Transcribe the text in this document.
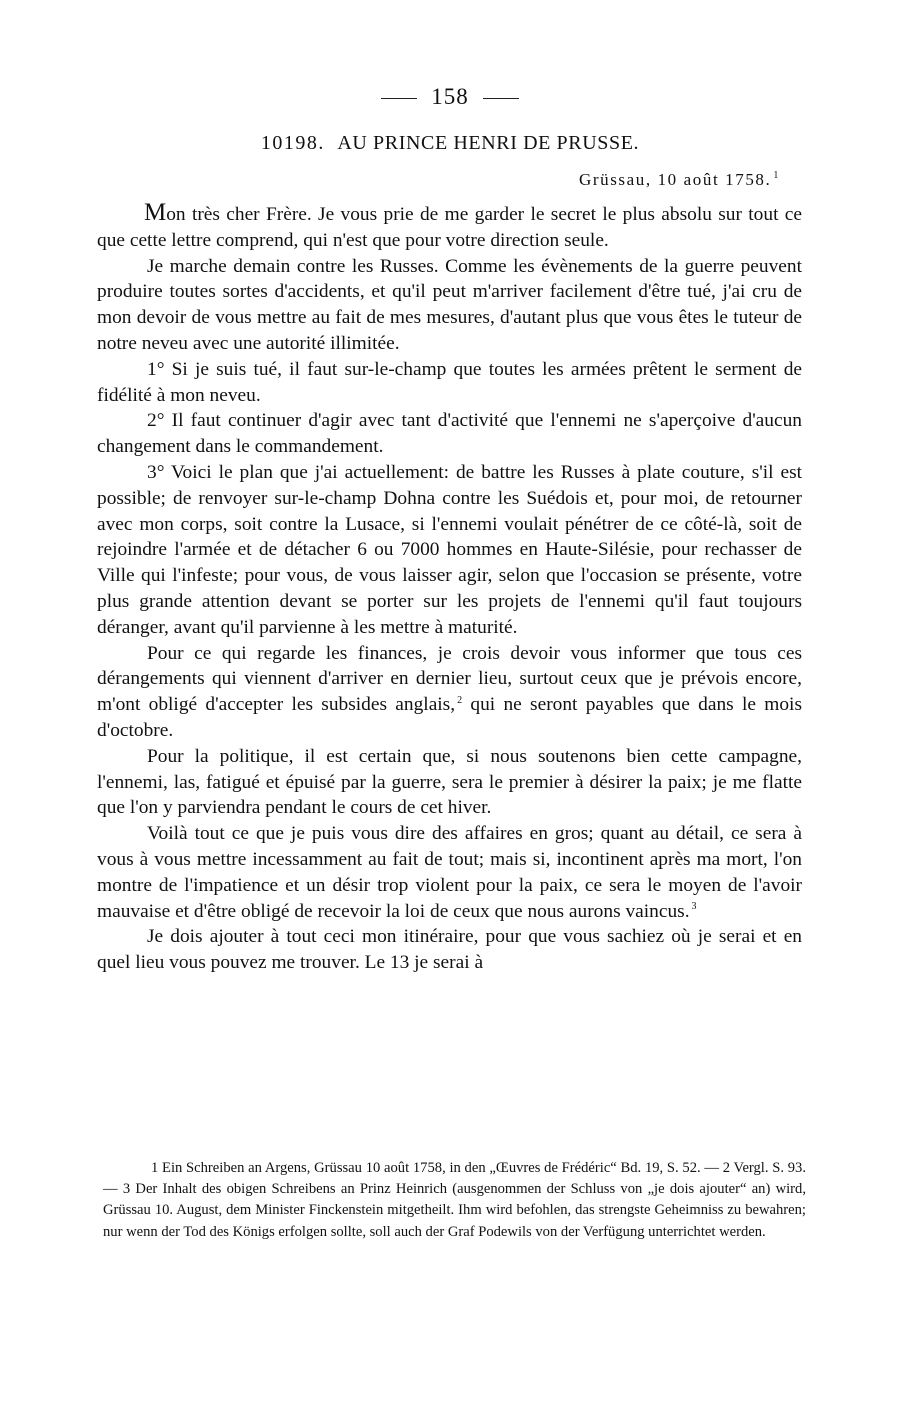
158
10198. AU PRINCE HENRI DE PRUSSE.
Grüssau, 10 août 1758. $^1$

Mon très cher Frère. Je vous prie de me garder le secret le plus absolu sur tout ce que cette lettre comprend, qui n'est que pour votre direction seule.

Je marche demain contre les Russes. Comme les évènements de la guerre peuvent produire toutes sortes d'accidents, et qu'il peut m'arriver facilement d'être tué, j'ai cru de mon devoir de vous mettre au fait de mes mesures, d'autant plus que vous êtes le tuteur de notre neveu avec une autorité illimitée.

1° Si je suis tué, il faut sur-le-champ que toutes les armées prêtent le serment de fidélité à mon neveu.

2° Il faut continuer d'agir avec tant d'activité que l'ennemi ne s'aperçoive d'aucun changement dans le commandement.

3° Voici le plan que j'ai actuellement: de battre les Russes à plate couture, s'il est possible; de renvoyer sur-le-champ Dohna contre les Suédois et, pour moi, de retourner avec mon corps, soit contre la Lusace, si l'ennemi voulait pénétrer de ce côté-là, soit de rejoindre l'armée et de détacher 6 ou 7000 hommes en Haute-Silésie, pour rechasser de Ville qui l'infeste; pour vous, de vous laisser agir, selon que l'occasion se présente, votre plus grande attention devant se porter sur les projets de l'ennemi qu'il faut toujours déranger, avant qu'il parvienne à les mettre à maturité.

Pour ce qui regarde les finances, je crois devoir vous informer que tous ces dérangements qui viennent d'arriver en dernier lieu, surtout ceux que je prévois encore, m'ont obligé d'accepter les subsides anglais, $^2$ qui ne seront payables que dans le mois d'octobre.

Pour la politique, il est certain que, si nous soutenons bien cette campagne, l'ennemi, las, fatigué et épuisé par la guerre, sera le premier à désirer la paix; je me flatte que l'on y parviendra pendant le cours de cet hiver.

Voilà tout ce que je puis vous dire des affaires en gros; quant au détail, ce sera à vous à vous mettre incessamment au fait de tout; mais si, incontinent après ma mort, l'on montre de l'impatience et un désir trop violent pour la paix, ce sera le moyen de l'avoir mauvaise et d'être obligé de recevoir la loi de ceux que nous aurons vaincus. $^3$

Je dois ajouter à tout ceci mon itinéraire, pour que vous sachiez où je serai et en quel lieu vous pouvez me trouver. Le 13 je serai à

1 Ein Schreiben an Argens, Grüssau 10 août 1758, in den „Œuvres de Frédéric“ Bd. 19, S. 52. — 2 Vergl. S. 93. — 3 Der Inhalt des obigen Schreibens an Prinz Heinrich (ausgenommen der Schluss von „je dois ajouter“ an) wird, Grüssau 10. August, dem Minister Finckenstein mitgetheilt. Ihm wird befohlen, das strengste Geheimniss zu bewahren; nur wenn der Tod des Königs erfolgen sollte, soll auch der Graf Podewils von der Verfügung unterrichtet werden.
